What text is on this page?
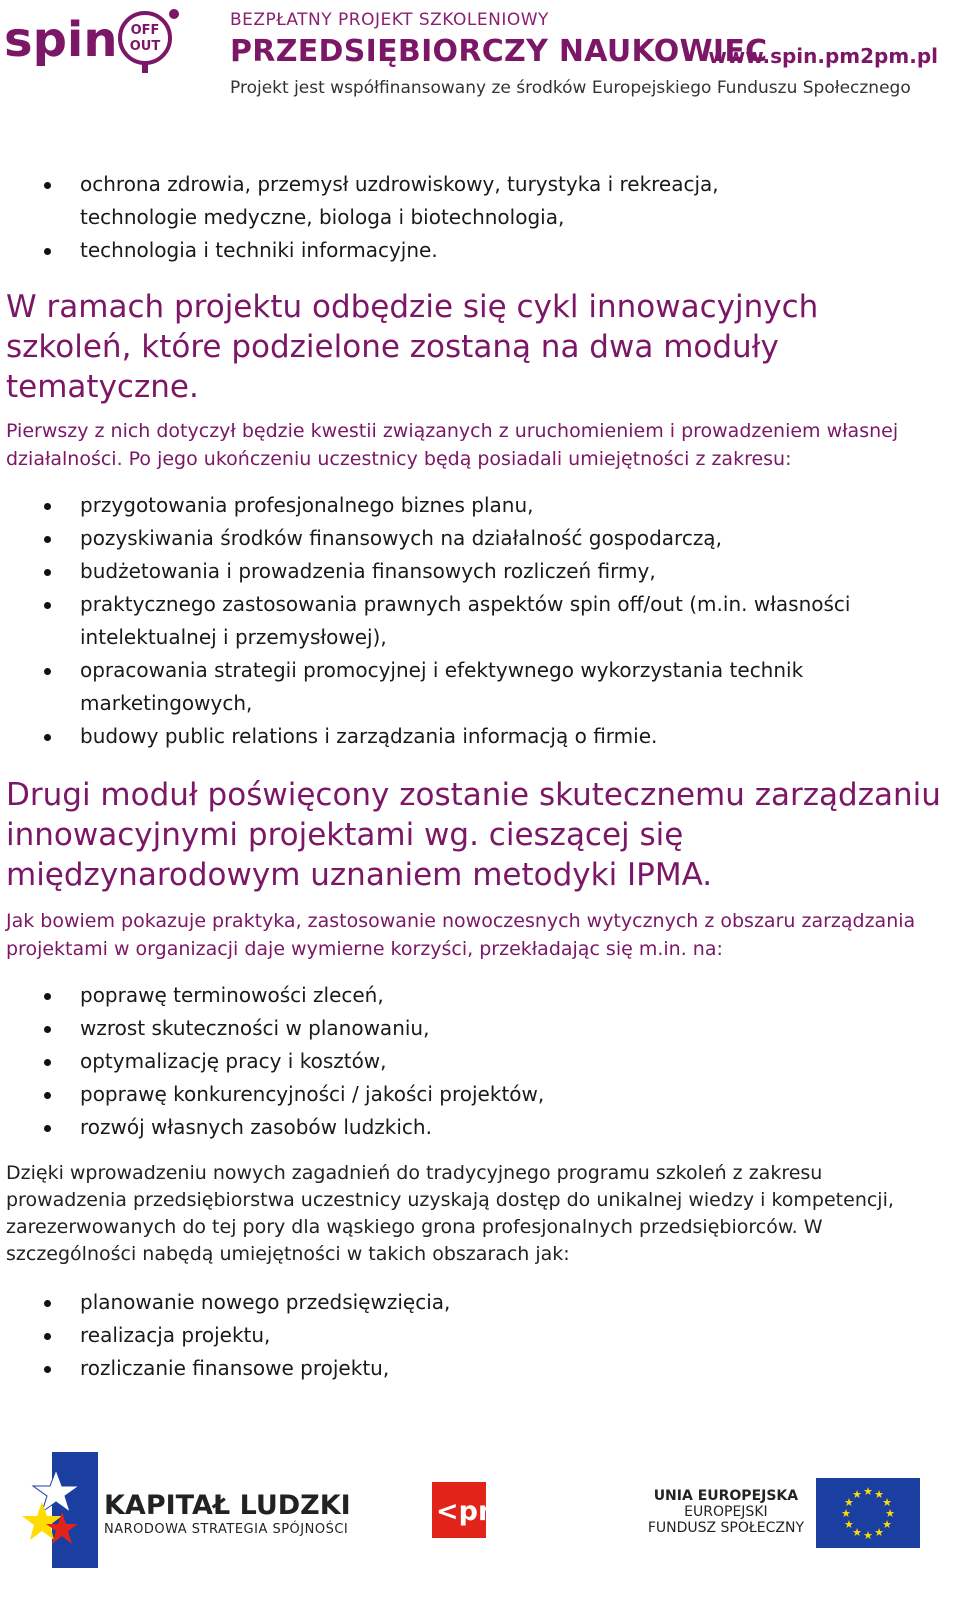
spin OFF
OUT
BEZPŁATNY PROJEKT SZKOLENIOWY
PRZEDSIĘBIORCZY NAUKOWIEC
www.spin.pm2pm.pl
Projekt jest współfinansowany ze środków Europejskiego Funduszu Społecznego
ochrona zdrowia, przemysł uzdrowiskowy, turystyka i rekreacja,
technologie medyczne, biologa i biotechnologia,
technologia i techniki informacyjne.
W ramach projektu odbędzie się cykl innowacyjnych szkoleń, które podzielone zostaną na dwa moduły tematyczne.

Pierwszy z nich dotyczył będzie kwestii związanych z uruchomieniem i prowadzeniem własnej działalności. Po jego ukończeniu uczestnicy będą posiadali umiejętności z zakresu:

przygotowania profesjonalnego biznes planu,
pozyskiwania środków finansowych na działalność gospodarczą,
budżetowania i prowadzenia finansowych rozliczeń firmy,
praktycznego zastosowania prawnych aspektów spin off/out (m.in. własności intelektualnej i przemysłowej),
opracowania strategii promocyjnej i efektywnego wykorzystania technik marketingowych,
budowy public relations i zarządzania informacją o firmie.
Drugi moduł poświęcony zostanie skutecznemu zarządzaniu innowacyjnymi projektami wg. cieszącej się międzynarodowym uznaniem metodyki IPMA.

Jak bowiem pokazuje praktyka, zastosowanie nowoczesnych wytycznych z obszaru zarządzania projektami w organizacji daje wymierne korzyści, przekładając się m.in. na:

poprawę terminowości zleceń,
wzrost skuteczności w planowaniu,
optymalizację pracy i kosztów,
poprawę konkurencyjności / jakości projektów,
rozwój własnych zasobów ludzkich.

Dzięki wprowadzeniu nowych zagadnień do tradycyjnego programu szkoleń z zakresu prowadzenia przedsiębiorstwa uczestnicy uzyskają dostęp do unikalnej wiedzy i kompetencji, zarezerwowanych do tej pory dla wąskiego grona profesjonalnych przedsiębiorców. W szczególności nabędą umiejętności w takich obszarach jak:

planowanie nowego przedsięwzięcia,
realizacja projektu,
rozliczanie finansowe projektu,
KAPITAŁ LUDZKI
NARODOWA STRATEGIA SPÓJNOŚCI
<pm2pm>	UNIA EUROPEJSKA
EUROPEJSKI
FUNDUSZ SPOŁECZNY
★
★
★
★
★
★
★
★
★ ★ ★
★
